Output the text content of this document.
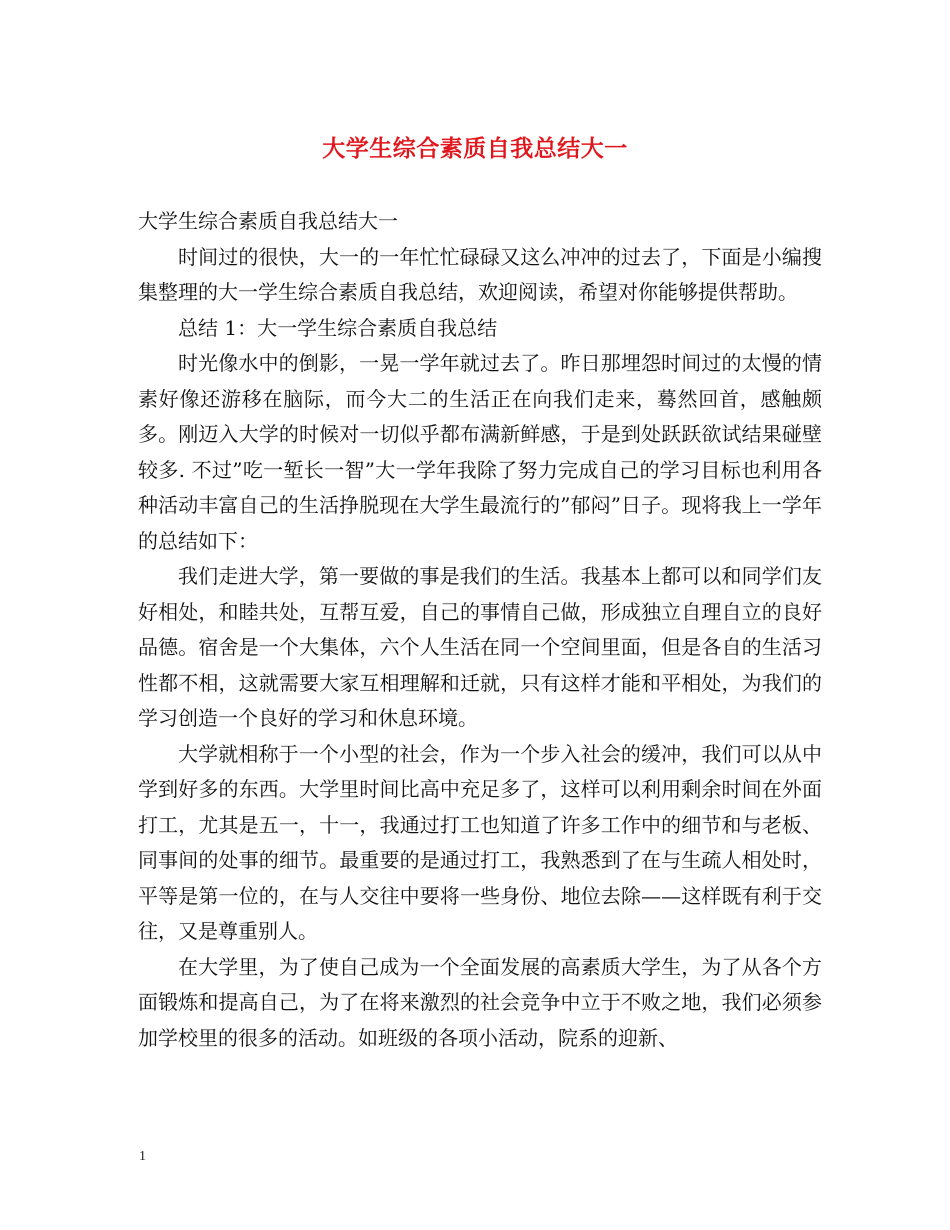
大学生综合素质自我总结大一

大学生综合素质自我总结大一

时间过的很快，大一的一年忙忙碌碌又这么冲冲的过去了，下面是小编搜集整理的大一学生综合素质自我总结，欢迎阅读，希望对你能够提供帮助。

总结 1：大一学生综合素质自我总结

时光像水中的倒影，一晃一学年就过去了。昨日那埋怨时间过的太慢的情素好像还游移在脑际，而今大二的生活正在向我们走来，蓦然回首，感触颇多。刚迈入大学的时候对一切似乎都布满新鲜感，于是到处跃跃欲试结果碰壁较多. 不过”吃一堑长一智”大一学年我除了努力完成自己的学习目标也利用各种活动丰富自己的生活挣脱现在大学生最流行的”郁闷”日子。现将我上一学年的总结如下：

我们走进大学，第一要做的事是我们的生活。我基本上都可以和同学们友好相处，和睦共处，互帮互爱，自己的事情自己做，形成独立自理自立的良好品德。宿舍是一个大集体，六个人生活在同一个空间里面，但是各自的生活习性都不相，这就需要大家互相理解和迁就，只有这样才能和平相处，为我们的学习创造一个良好的学习和休息环境。

大学就相称于一个小型的社会，作为一个步入社会的缓冲，我们可以从中学到好多的东西。大学里时间比高中充足多了，这样可以利用剩余时间在外面打工，尤其是五一，十一，我通过打工也知道了许多工作中的细节和与老板、同事间的处事的细节。最重要的是通过打工，我熟悉到了在与生疏人相处时，平等是第一位的，在与人交往中要将一些身份、地位去除——这样既有利于交往，又是尊重别人。

在大学里，为了使自己成为一个全面发展的高素质大学生，为了从各个方面锻炼和提高自己，为了在将来激烈的社会竞争中立于不败之地，我们必须参加学校里的很多的活动。如班级的各项小活动，院系的迎新、

1
